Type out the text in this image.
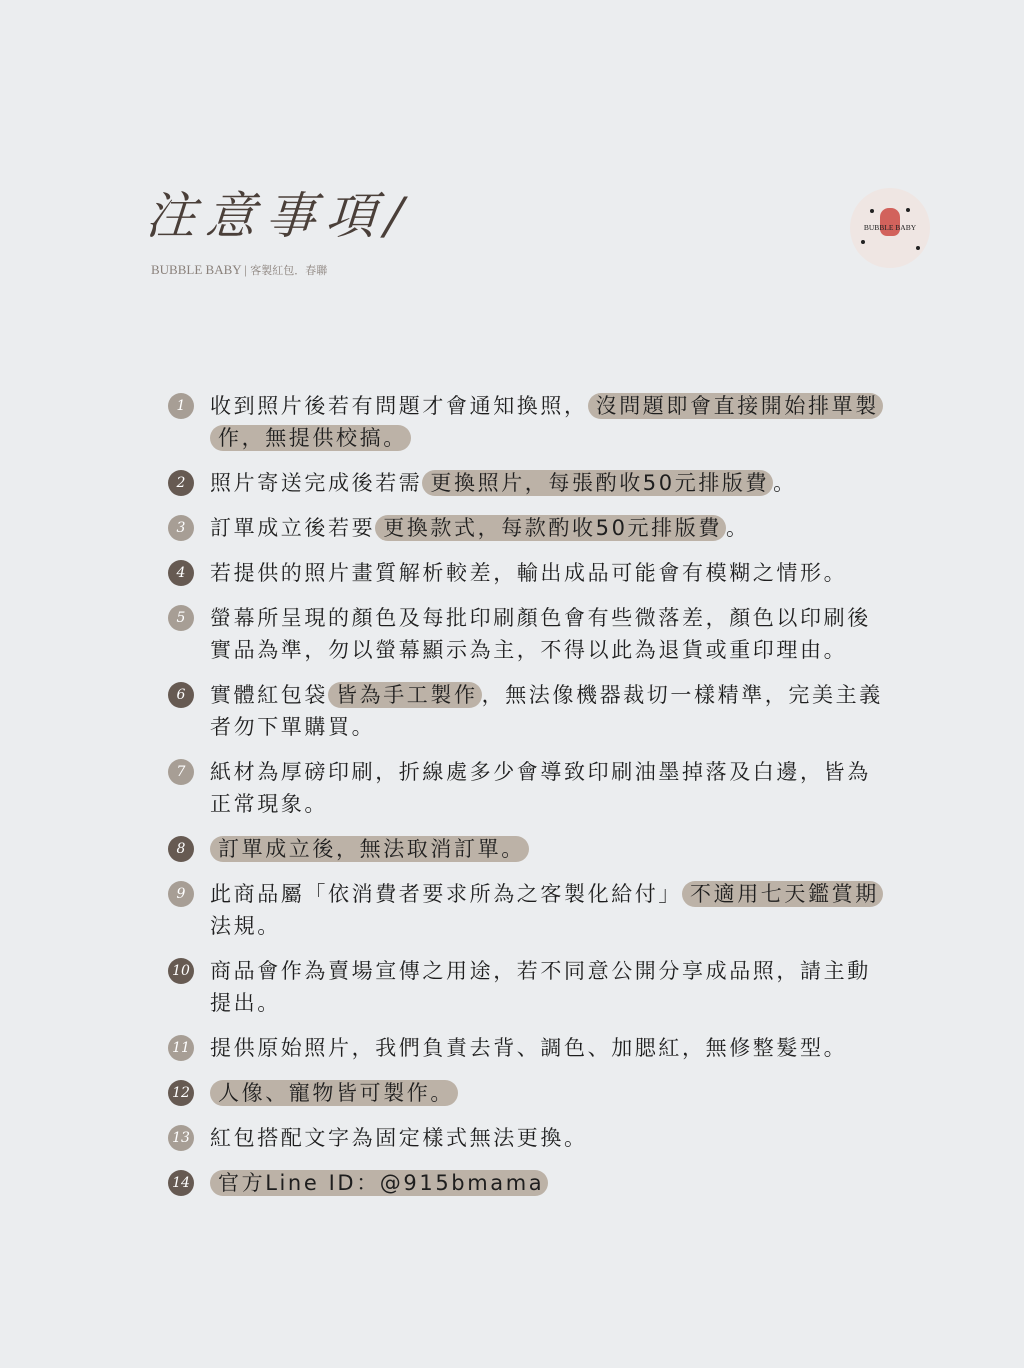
注意事項/
BUBBLE BABY | 客製紅包．春聯
BUBBLE BABY
1	收到照片後若有問題才會通知換照， 沒問題即會直接開始排單製作，無提供校搞。
2	照片寄送完成後若需 更換照片，每張酌收50元排版費 。
3	訂單成立後若要 更換款式，每款酌收50元排版費 。
4	若提供的照片畫質解析較差，輸出成品可能會有模糊之情形。
5	螢幕所呈現的顏色及每批印刷顏色會有些微落差，顏色以印刷後實品為準，勿以螢幕顯示為主，不得以此為退貨或重印理由。
6	實體紅包袋 皆為手工製作 ，無法像機器裁切一樣精準，完美主義者勿下單購買。
7	紙材為厚磅印刷，折線處多少會導致印刷油墨掉落及白邊，皆為正常現象。
8	訂單成立後，無法取消訂單。
9	此商品屬「依消費者要求所為之客製化給付」 不適用七天鑑賞期法規。
10 商品會作為賣場宣傳之用途，若不同意公開分享成品照，請主動提出。
11 提供原始照片，我們負責去背、調色、加腮紅，無修整髮型。
12	人像、寵物皆可製作。
13 紅包搭配文字為固定樣式無法更換。
14	官方Line ID：@915bmama
